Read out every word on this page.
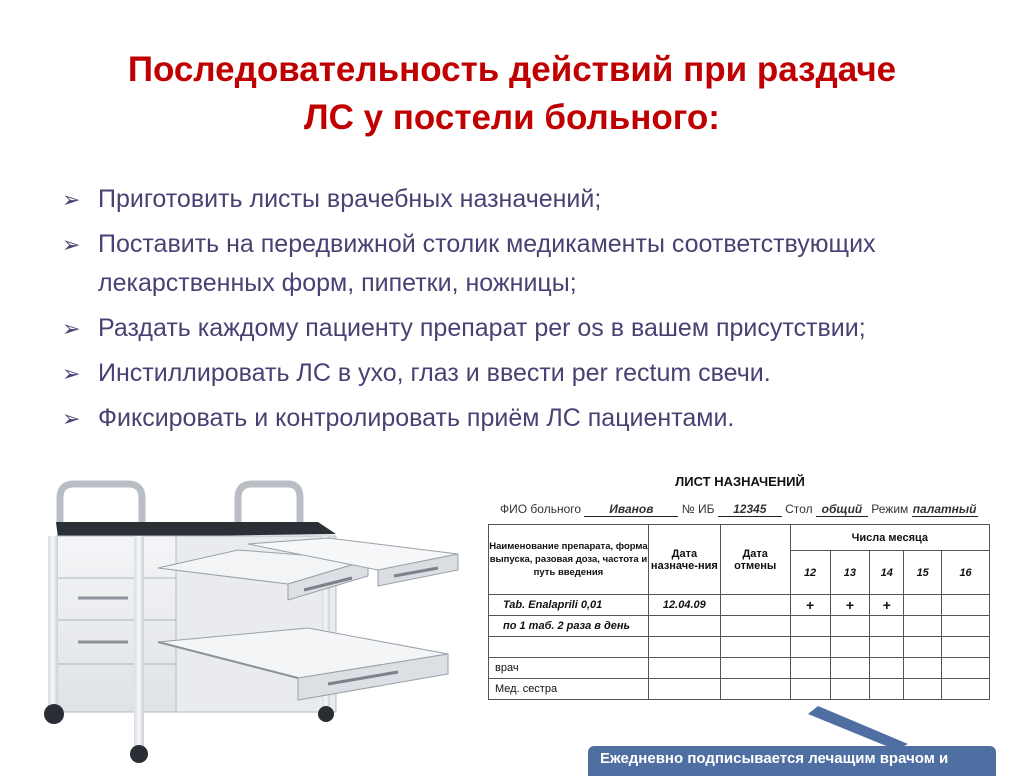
Последовательность действий при раздаче
ЛС у постели больного:
➢ Приготовить листы врачебных назначений;
➢ Поставить на передвижной столик медикаменты соответствующих лекарственных форм, пипетки, ножницы;
➢ Раздать каждому пациенту препарат per os в вашем присутствии;
➢ Инстиллировать ЛС в ухо, глаз и ввести per rectum свечи.
➢ Фиксировать и контролировать приём ЛС пациентами.
ЛИСТ НАЗНАЧЕНИЙ
ФИО больного Иванов № ИБ 12345 Стол общий Режим палатный
Наименование препарата, форма выпуска, разовая доза, частота и путь введения	Дата назначе-ния	Дата отмены	Числа месяца				
			12	13	14	15	16
Tab. Enalaprili 0,01	12.04.09		+	+	+		
по 1 таб. 2 раза в день							

врач							
Мед. сестра							
Ежедневно подписывается лечащим врачом и
